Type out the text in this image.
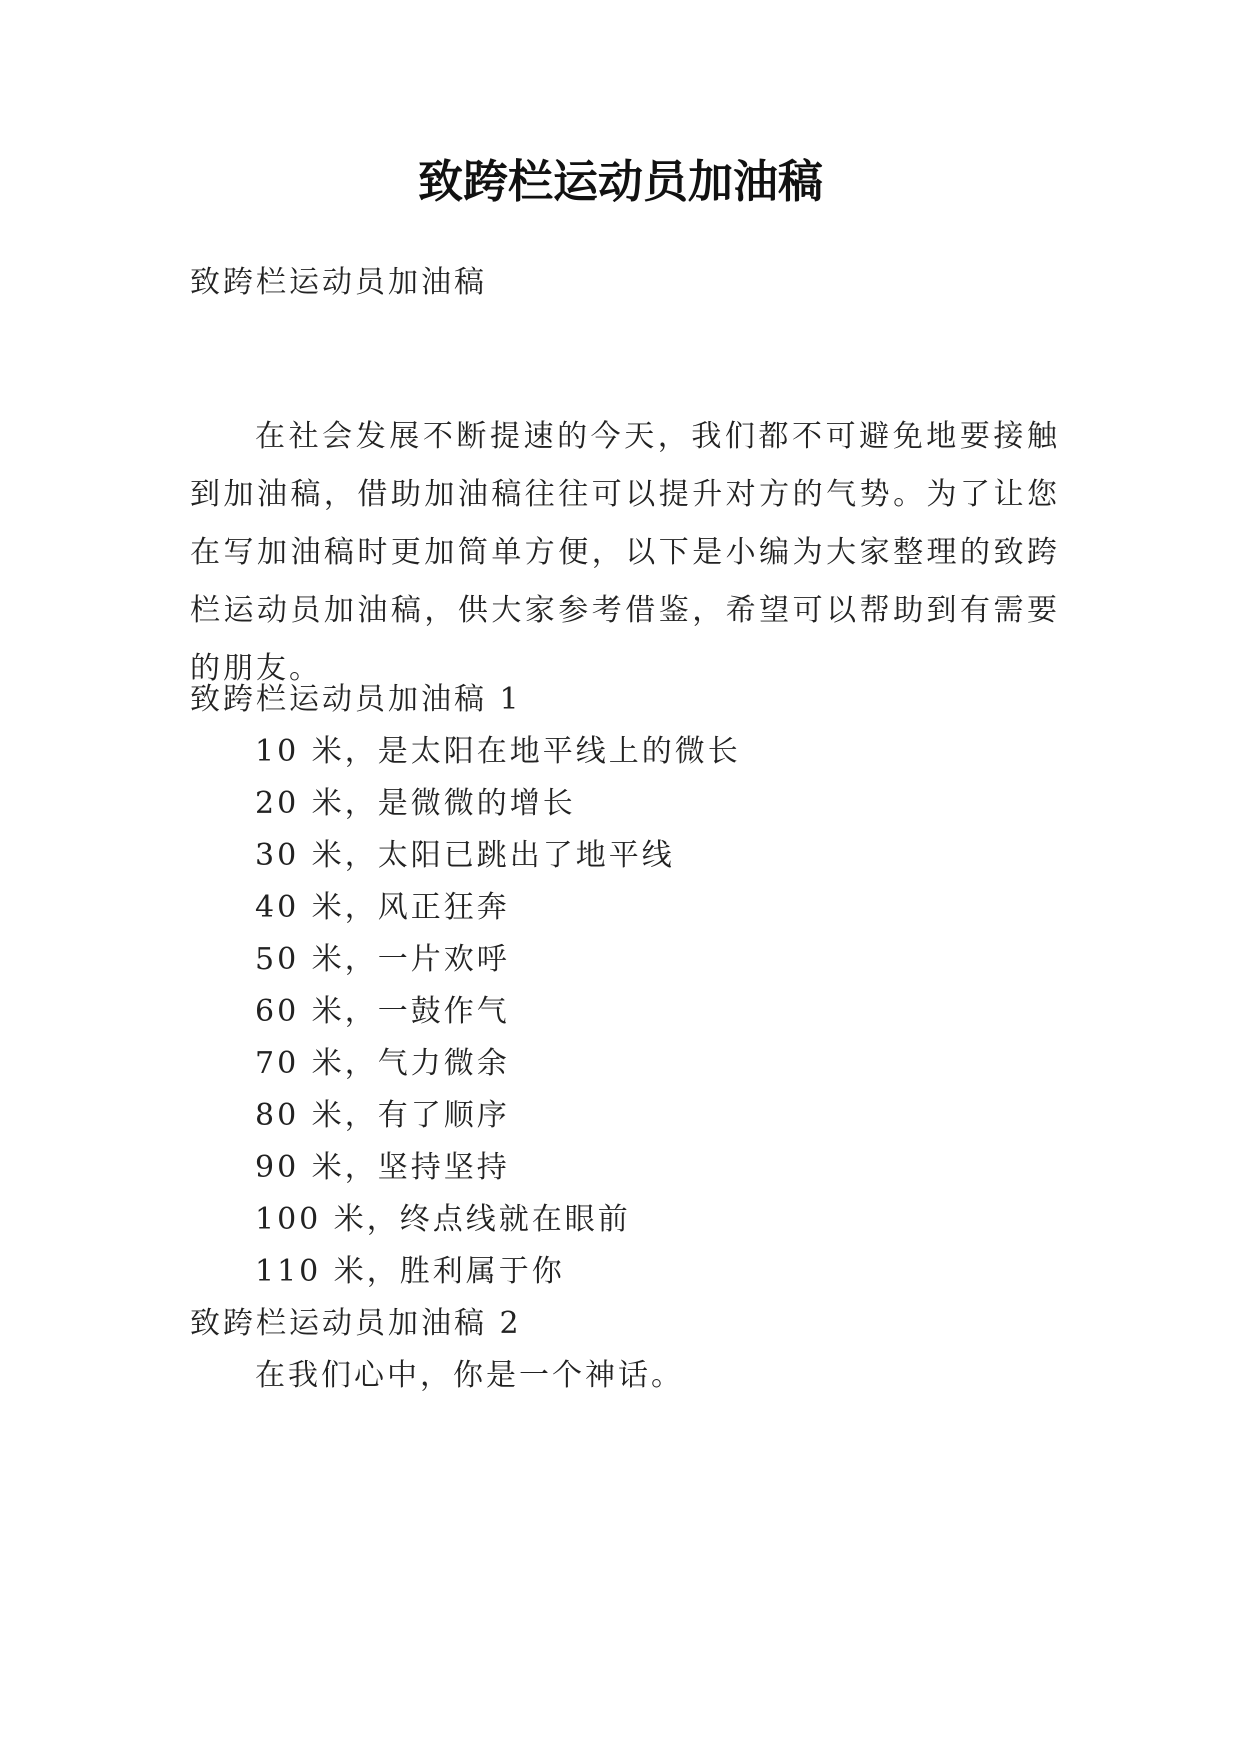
致跨栏运动员加油稿
致跨栏运动员加油稿
在社会发展不断提速的今天，我们都不可避免地要接触到加油稿，借助加油稿往往可以提升对方的气势。为了让您在写加油稿时更加简单方便，以下是小编为大家整理的致跨栏运动员加油稿，供大家参考借鉴，希望可以帮助到有需要的朋友。
致跨栏运动员加油稿 1
10 米，是太阳在地平线上的微长
20 米，是微微的增长
30 米，太阳已跳出了地平线
40 米，风正狂奔
50 米，一片欢呼
60 米，一鼓作气
70 米，气力微余
80 米，有了顺序
90 米，坚持坚持
100 米，终点线就在眼前
110 米，胜利属于你
致跨栏运动员加油稿 2
在我们心中，你是一个神话。
